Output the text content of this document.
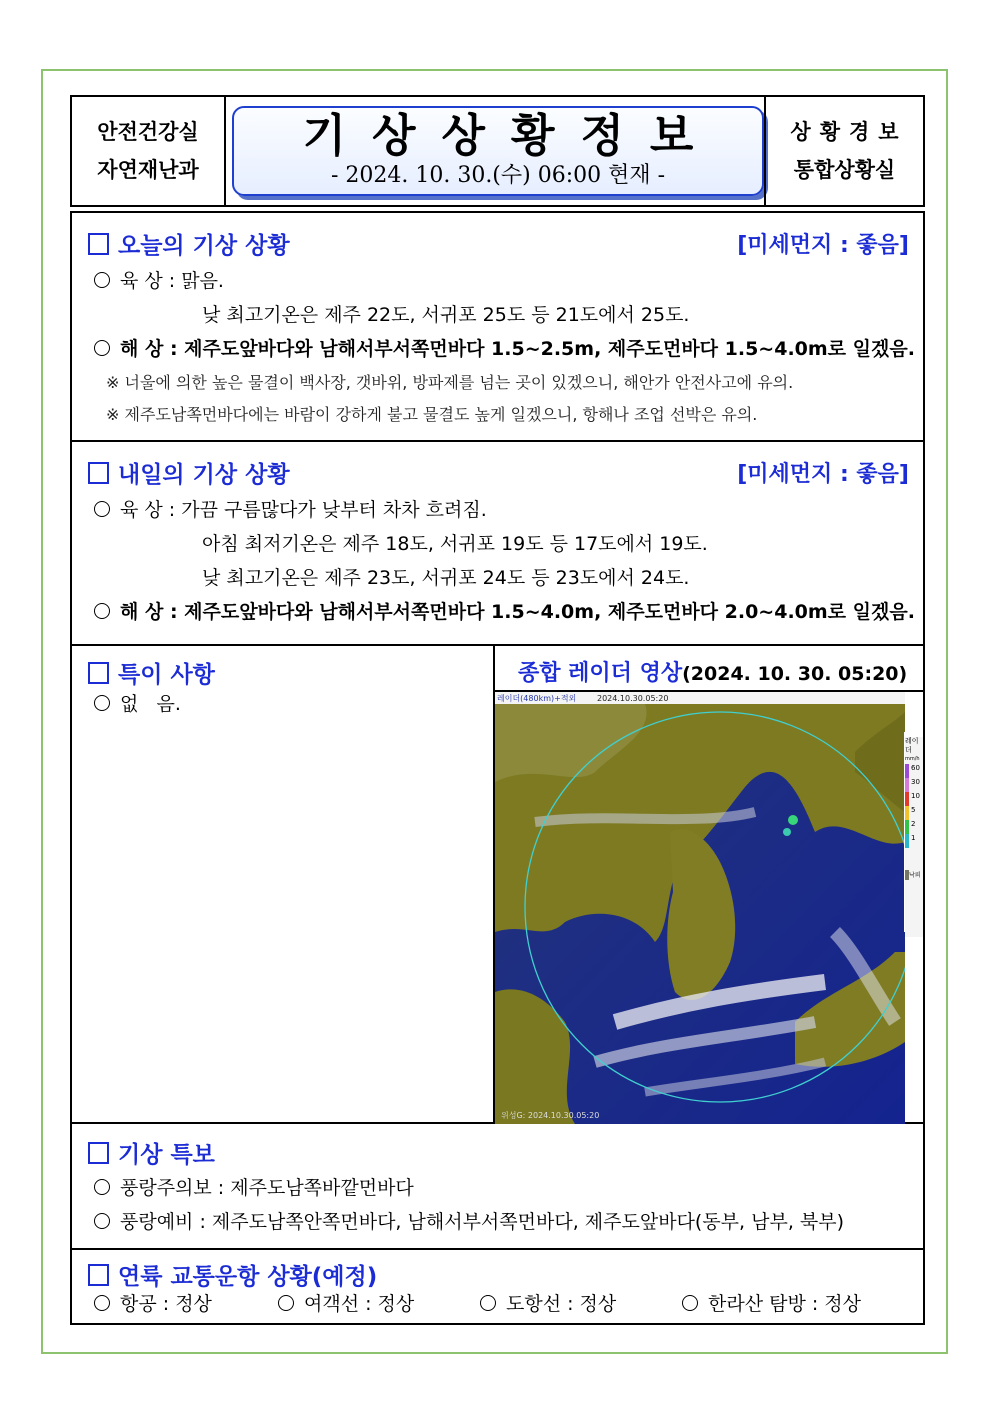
안전건강실
자연재난과
기상상황정보
- 2024. 10. 30.(수) 06:00 현재 -
상황경보
통합상황실
오늘의 기상 상황	[미세먼지 : 좋음]
육 상 : 맑음.
낮 최고기온은 제주 22도, 서귀포 25도 등 21도에서 25도.
해 상 : 제주도앞바다와 남해서부서쪽먼바다 1.5~2.5m, 제주도먼바다 1.5~4.0m로 일겠음.
※ 너울에 의한 높은 물결이 백사장, 갯바위, 방파제를 넘는 곳이 있겠으니, 해안가 안전사고에 유의.
※ 제주도남쪽먼바다에는 바람이 강하게 불고 물결도 높게 일겠으니, 항해나 조업 선박은 유의.
내일의 기상 상황	[미세먼지 : 좋음]
육 상 : 가끔 구름많다가 낮부터 차차 흐려짐.
아침 최저기온은 제주 18도, 서귀포 19도 등 17도에서 19도.
낮 최고기온은 제주 23도, 서귀포 24도 등 23도에서 24도.
해 상 : 제주도앞바다와 남해서부서쪽먼바다 1.5~4.0m, 제주도먼바다 2.0~4.0m로 일겠음.
특이 사항
없   음.
종합 레이더 영상(2024. 10. 30. 05:20)
레이더(480km)+적외	2024.10.30.05:20
위성G: 2024.10.30.05:20
레이더
mm/h
60
30
10
5
2
1
낙뢰
기상 특보
풍랑주의보 : 제주도남쪽바깥먼바다
풍랑예비 : 제주도남쪽안쪽먼바다, 남해서부서쪽먼바다, 제주도앞바다(동부, 남부, 북부)
연륙 교통운항 상황(예정)
항공 : 정상	여객선 : 정상	도항선 : 정상	한라산 탐방 : 정상
